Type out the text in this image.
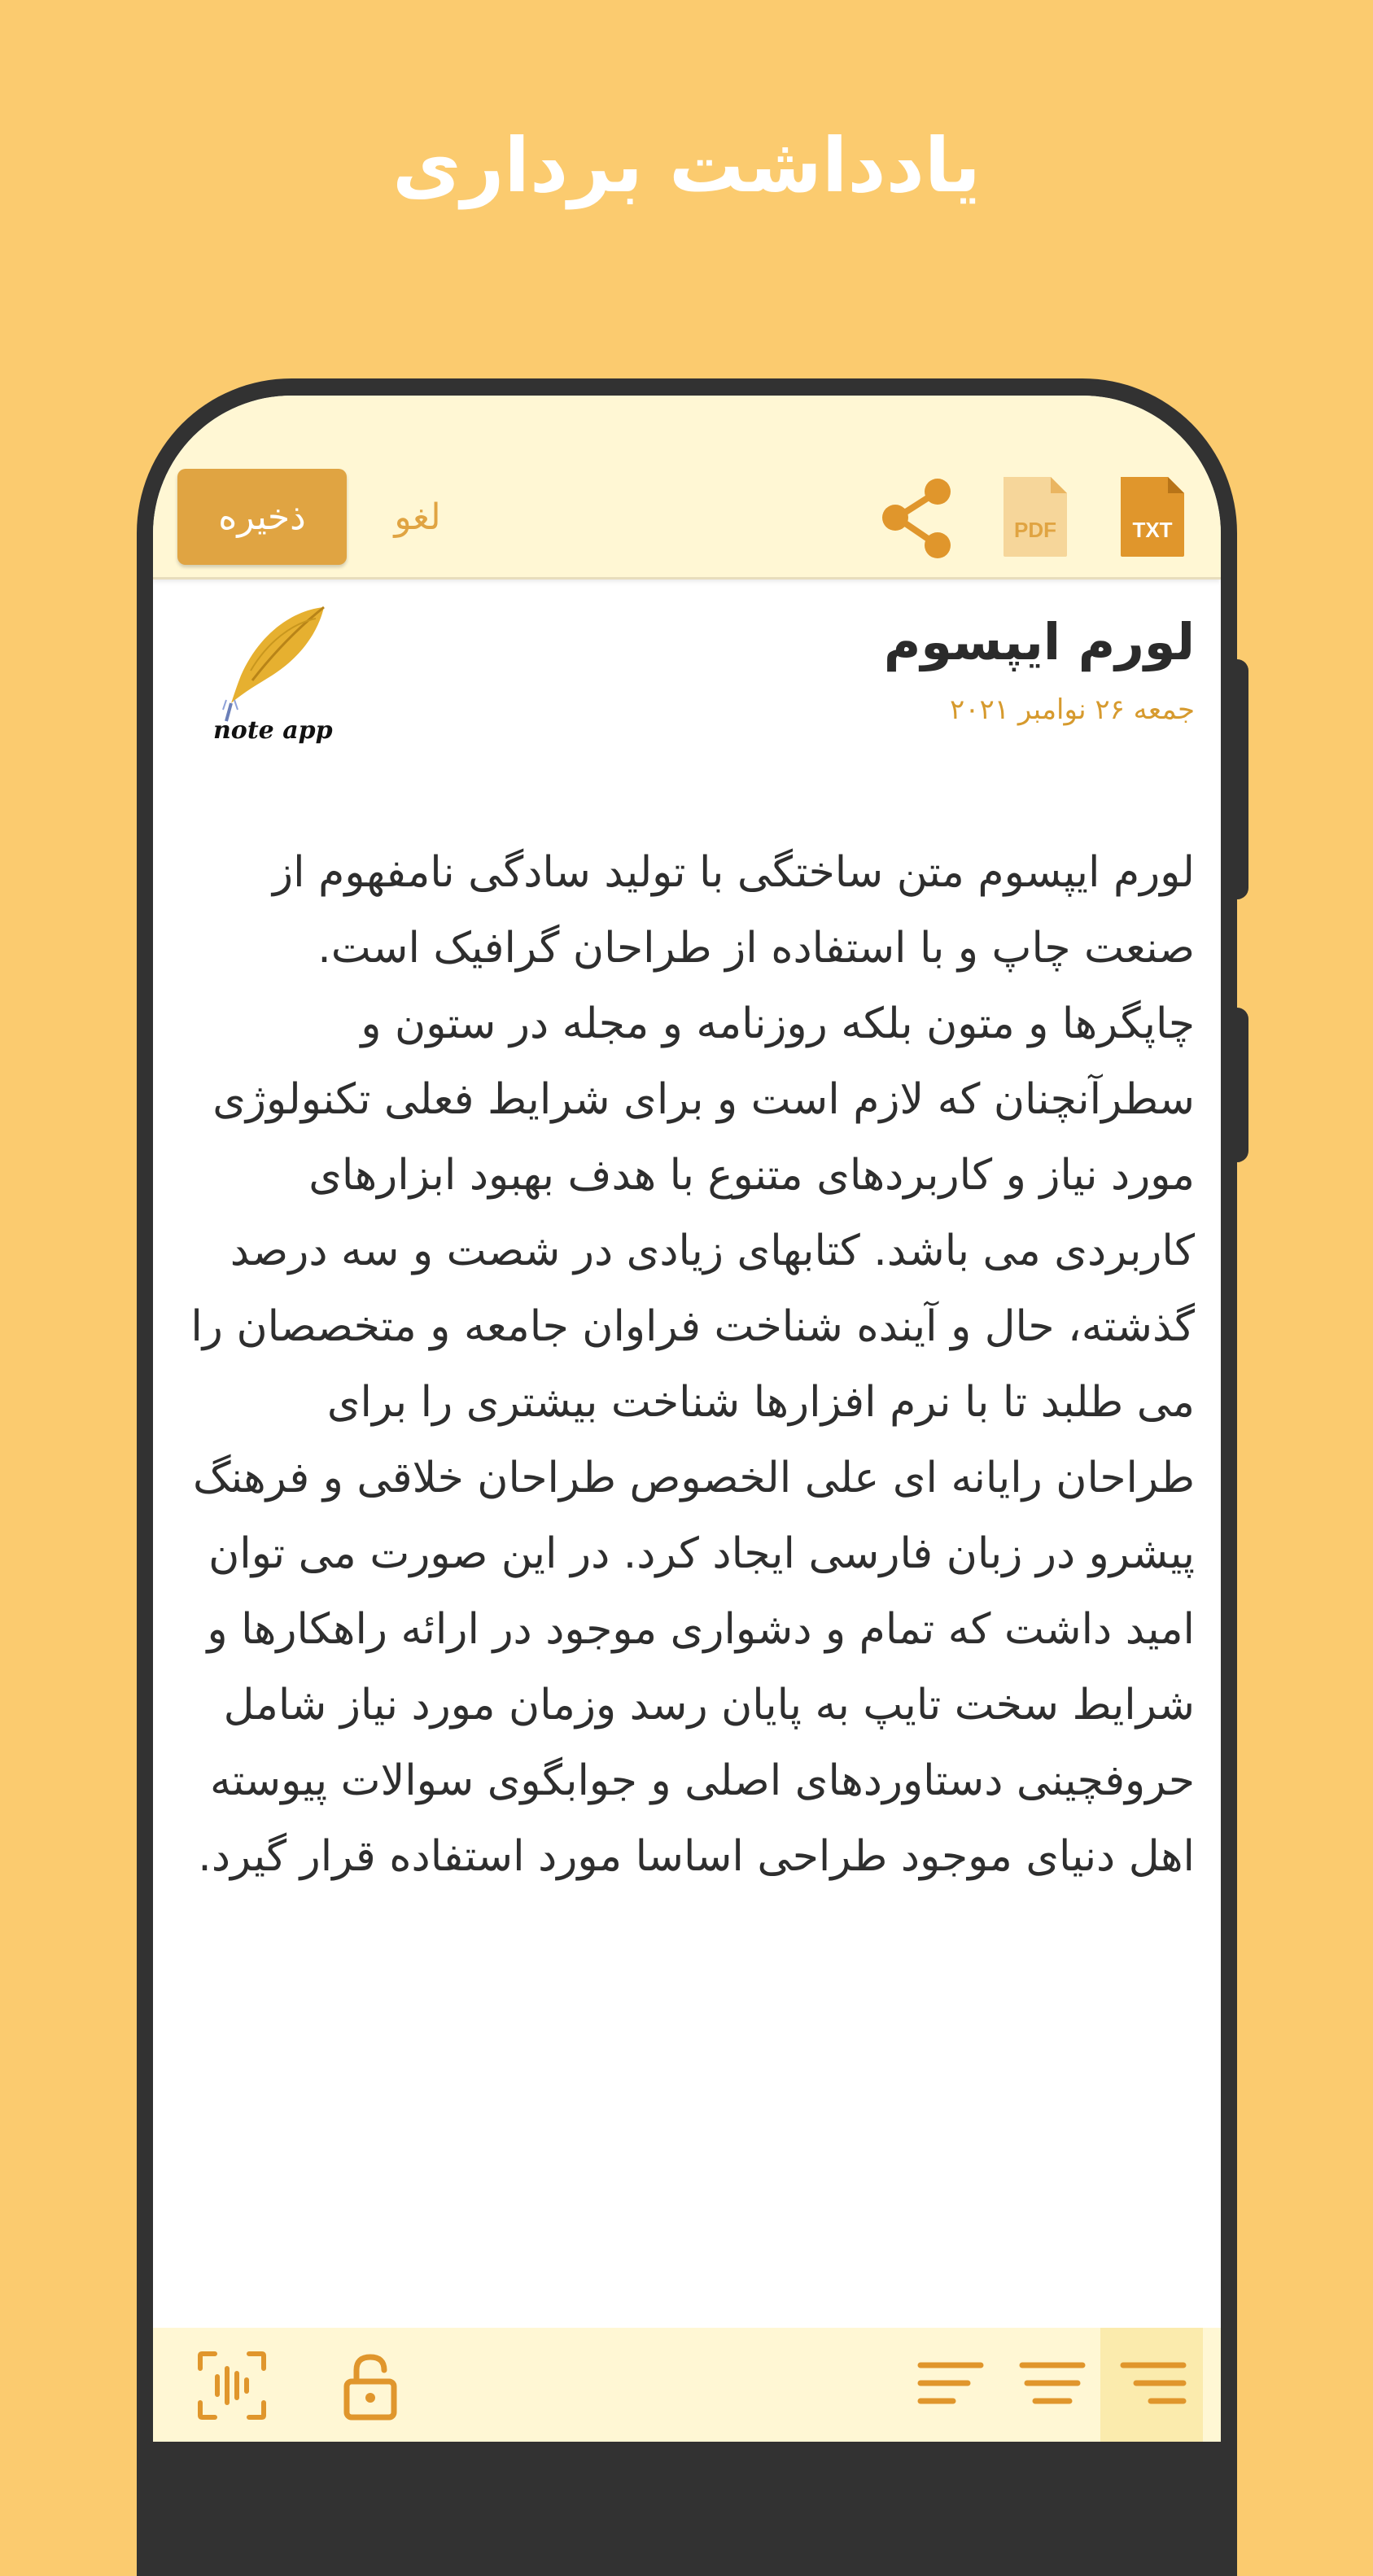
یادداشت برداری
ذخیره	لغو	PDF	TXT
لورم ایپسوم
جمعه ۲۶ نوامبر ۲۰۲۱
note app
لورم ایپسوم متن ساختگی با تولید سادگی نامفهوم از صنعت چاپ و با استفاده از طراحان گرافیک است. چاپگرها و متون بلکه روزنامه و مجله در ستون و سطرآنچنان که لازم است و برای شرایط فعلی تکنولوژی مورد نیاز و کاربردهای متنوع با هدف بهبود ابزارهای کاربردی می باشد. کتابهای زیادی در شصت و سه درصد گذشته، حال و آینده شناخت فراوان جامعه و متخصصان را می طلبد تا با نرم افزارها شناخت بیشتری را برای طراحان رایانه ای علی الخصوص طراحان خلاقی و فرهنگ پیشرو در زبان فارسی ایجاد کرد. در این صورت می توان امید داشت که تمام و دشواری موجود در ارائه راهکارها و شرایط سخت تایپ به پایان رسد وزمان مورد نیاز شامل حروفچینی دستاوردهای اصلی و جوابگوی سوالات پیوسته اهل دنیای موجود طراحی اساسا مورد استفاده قرار گیرد.
